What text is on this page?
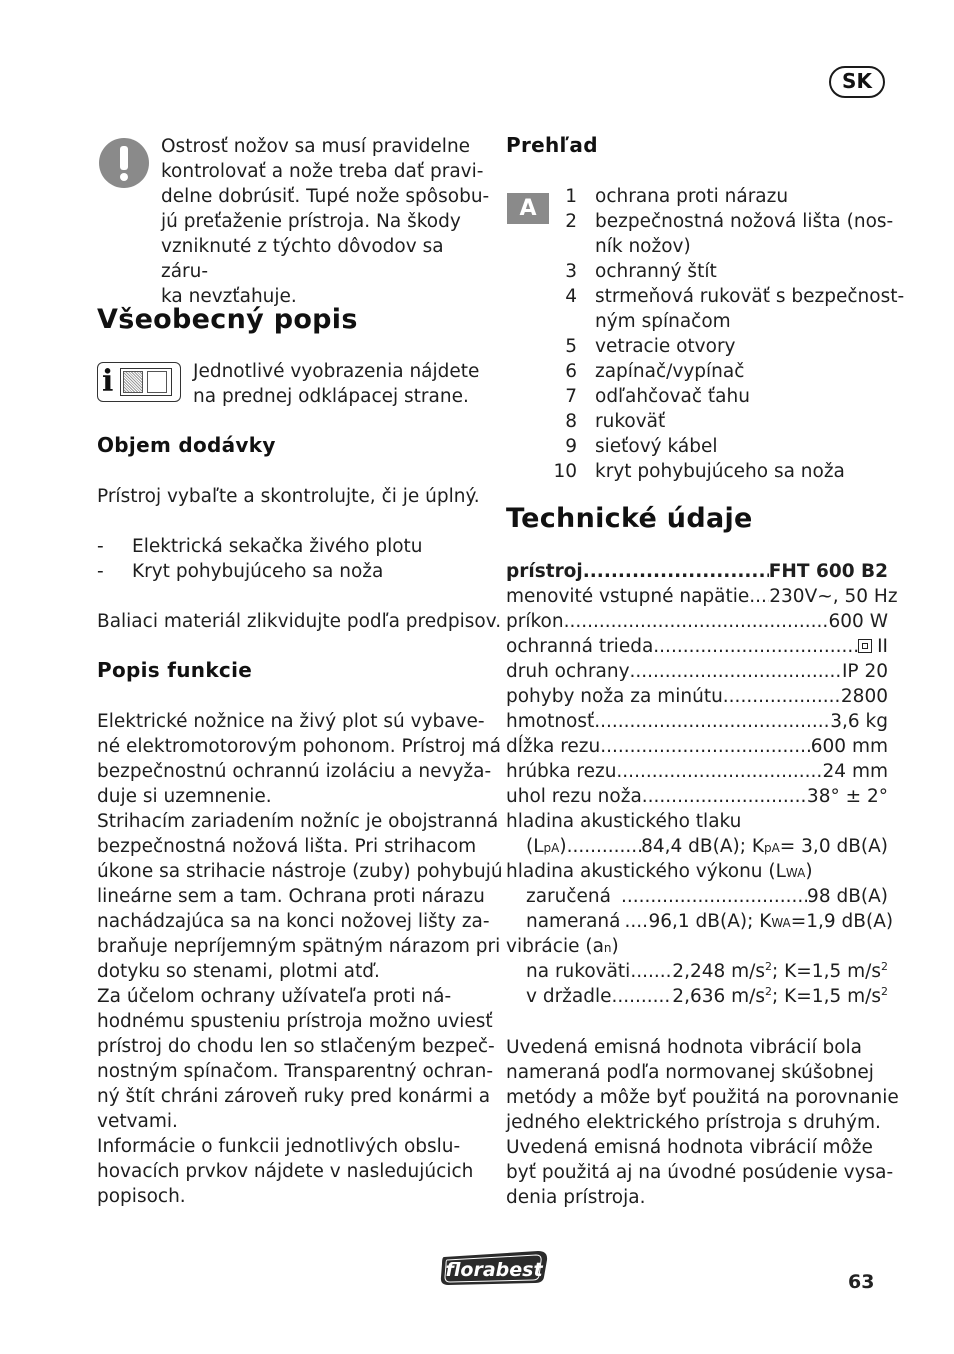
SK
Ostrosť nožov sa musí pravidelne
kontrolovať a nože treba dať pravi-
delne dobrúsiť. Tupé nože spôsobu-
jú preťaženie prístroja. Na škody
vzniknuté z týchto dôvodov sa záru-
ka nevzťahuje.
Všeobecný popis
i	Jednotlivé vyobrazenia nájdete
na prednej odklápacej strane.
Objem dodávky
Prístroj vybaľte a skontrolujte, či je úplný.
- Elektrická sekačka živého plotu
- Kryt pohybujúceho sa noža
Baliaci materiál zlikvidujte podľa predpisov.
Popis funkcie
Elektrické nožnice na živý plot sú vybave-
né elektromotorovým pohonom. Prístroj má
bezpečnostnú ochrannú izoláciu a nevyža-
duje si uzemnenie.
Strihacím zariadením nožníc je obojstranná
bezpečnostná nožová lišta. Pri strihacom
úkone sa strihacie nástroje (zuby) pohybujú
lineárne sem a tam. Ochrana proti nárazu
nachádzajúca sa na konci nožovej lišty za-
braňuje nepríjemným spätným nárazom pri
dotyku so stenami, plotmi atď.
Za účelom ochrany užívateľa proti ná-
hodnému spusteniu prístroja možno uviesť
prístroj do chodu len so stlačeným bezpeč-
nostným spínačom. Transparentný ochran-
ný štít chráni zároveň ruky pred konármi a
vetvami.
Informácie o funkcii jednotlivých obslu-
hovacích prvkov nájdete v nasledujúcich
popisoch.
Prehľad
A	1 ochrana proti nárazu
2 bezpečnostná nožová lišta (nos-
ník nožov)
3 ochranný štít
4 strmeňová rukoväť s bezpečnost-
ným spínačom
5 vetracie otvory
6 zapínač/vypínač
7 odľahčovač ťahu
8 rukoväť
9 sieťový kábel
10 kryt pohybujúceho sa noža
Technické údaje
prístroj .....	FHT 600 B2
menovité vstupné napätie ..... 230V~, 50 Hz
príkon .....	600 W
ochranná trieda .....	II
druh ochrany .....	IP 20
pohyby noža za minútu .....	2800
hmotnosť .....	3,6 kg
dĺžka rezu .....	600 mm
hrúbka rezu .....	24 mm
uhol rezu noža .....	38° ± 2°
hladina akustického tlaku
(LpA) .....	84,4 dB(A); KpA= 3,0 dB(A)
hladina akustického výkonu (LWA)
zaručená .....	98 dB(A)
nameraná ..... 96,1 dB(A); KWA=1,9 dB(A)
vibrácie (an)
na rukoväti ..... 2,248 $m/s^2$; K=1,5 $m/s^2$
v držadle .....	2,636 $m/s^2$; K=1,5 $m/s^2$
Uvedená emisná hodnota vibrácií bola
nameraná podľa normovanej skúšobnej
metódy a môže byť použitá na porovnanie
jedného elektrického prístroja s druhým.
Uvedená emisná hodnota vibrácií môže
byť použitá aj na úvodné posúdenie vysa-
denia prístroja.
florabest
63
